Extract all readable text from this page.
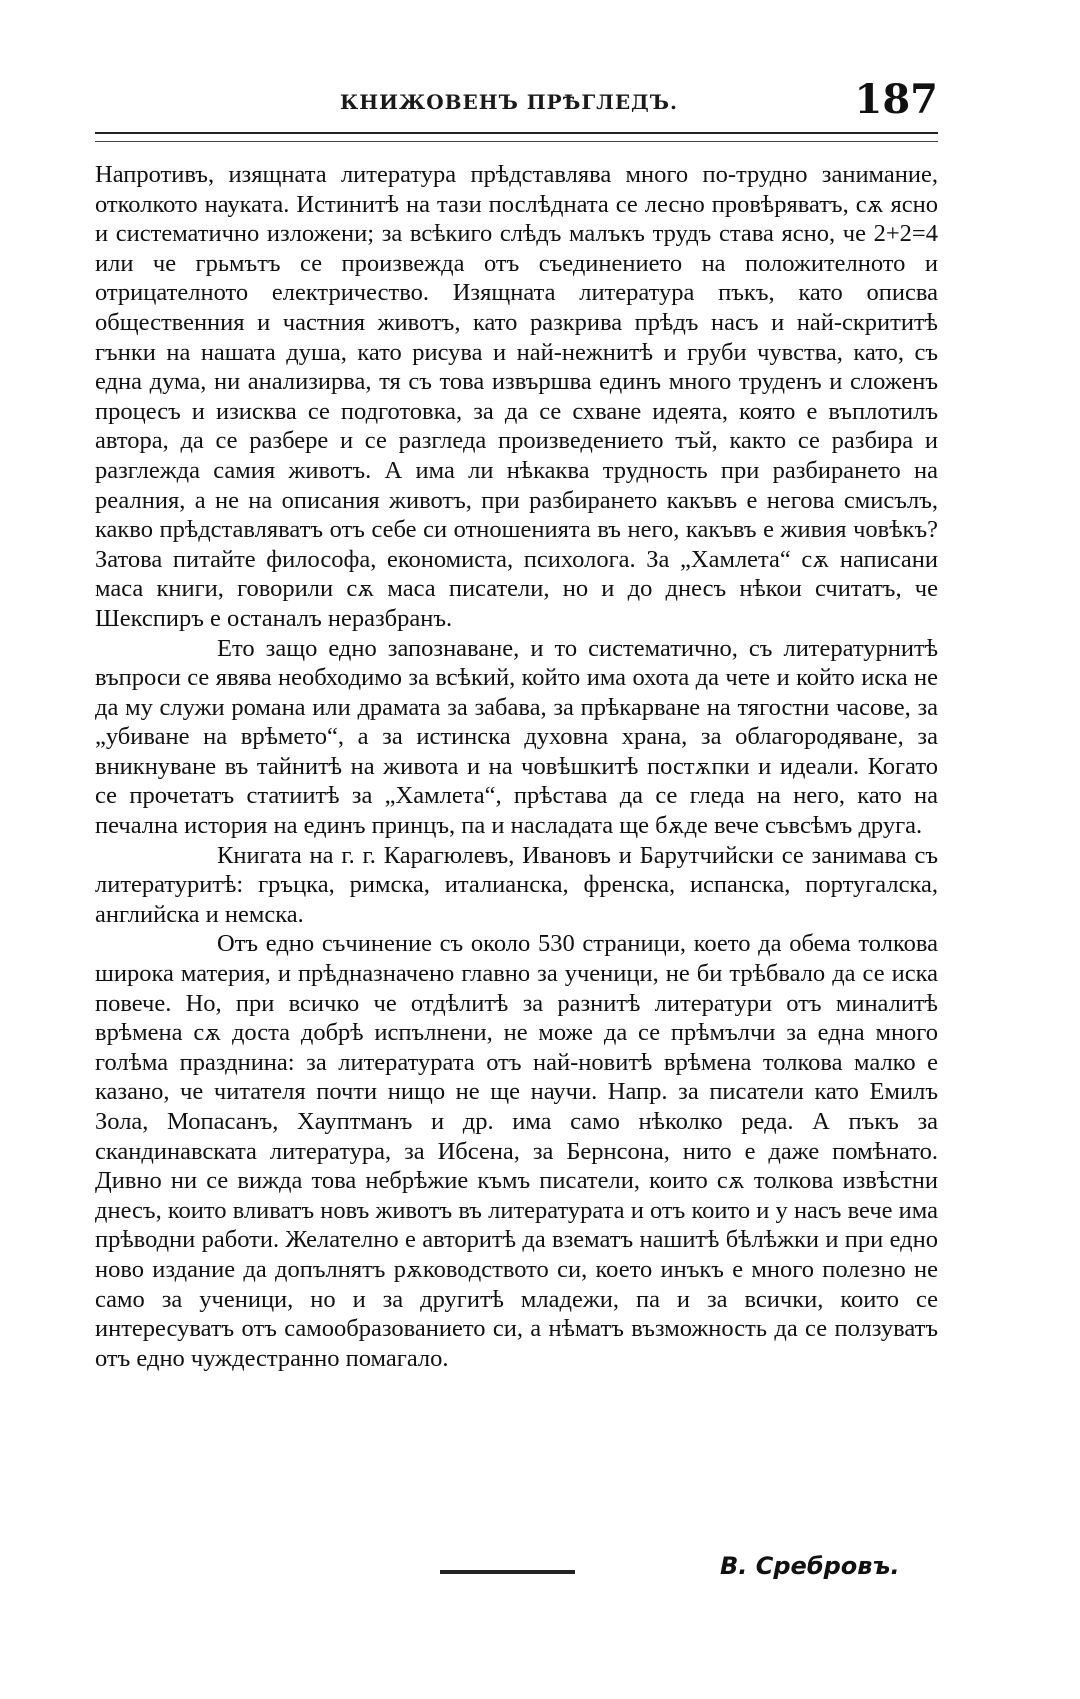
КНИЖОВЕНЪ ПРѢГЛЕДЪ.	187

Напротивъ, изящната литература прѣдставлява много по-трудно занимание, отколкото науката. Истинитѣ на тази послѣдната се лесно провѣряватъ, сѫ ясно и систематично изложени; за всѣкиго слѣдъ малъкъ трудъ става ясно, че 2+2=4 или че грьмътъ се произвежда отъ съединението на положителното и отрицателното електричество. Изящната литература пъкъ, като описва общественния и частния животъ, като разкрива прѣдъ насъ и най-скрититѣ гънки на нашата душа, като рисува и най-нежнитѣ и груби чувства, като, съ една дума, ни анализирва, тя съ това извършва единъ много труденъ и сложенъ процесъ и изисква се подготовка, за да се схване идеята, която е въплотилъ автора, да се разбере и се разгледа произведението тъй, както се разбира и разглежда самия животъ. А има ли нѣкаква трудность при разбирането на реалния, а не на описания животъ, при разбирането какъвъ е негова смисълъ, какво прѣдставляватъ отъ себе си отношенията въ него, какъвъ е живия човѣкъ? Затова питайте философа, економиста, психолога. За „Хамлета“ сѫ написани маса книги, говорили сѫ маса писатели, но и до днесъ нѣкои считатъ, че Шекспиръ е останалъ неразбранъ.

Ето защо едно запознаване, и то систематично, съ литературнитѣ въпроси се явява необходимо за всѣкий, който има охота да чете и който иска не да му служи романа или драмата за забава, за прѣкарване на тягостни часове, за „убиване на врѣмето“, а за истинска духовна храна, за облагородяване, за вникнуване въ тайнитѣ на живота и на човѣшкитѣ постѫпки и идеали. Когато се прочетатъ статиитѣ за „Хамлета“, прѣстава да се гледа на него, като на печална история на единъ принцъ, па и насладата ще бѫде вече съвсѣмъ друга.

Книгата на г. г. Карагюлевъ, Ивановъ и Барутчийски се занимава съ литературитѣ: гръцка, римска, италианска, френска, испанска, португалска, английска и немска.

Отъ едно съчинение съ около 530 страници, което да обема толкова широка материя, и прѣдназначено главно за ученици, не би трѣбвало да се иска повече. Но, при всичко че отдѣлитѣ за разнитѣ литератури отъ миналитѣ врѣмена сѫ доста добрѣ испълнени, не може да се прѣмълчи за една много голѣма празднина: за литературата отъ най-новитѣ врѣмена толкова малко е казано, че читателя почти нищо не ще научи. Напр. за писатели като Емилъ Зола, Мопасанъ, Хауптманъ и др. има само нѣколко реда. А пъкъ за скандинавската литература, за Ибсена, за Бернсона, нито е даже помѣнато. Дивно ни се вижда това небрѣжие къмъ писатели, които сѫ толкова извѣстни днесъ, които вливатъ новъ животъ въ литературата и отъ които и у насъ вече има прѣводни работи. Желателно е авторитѣ да взематъ нашитѣ бѣлѣжки и при едно ново издание да допълнятъ рѫководството си, което инъкъ е много полезно не само за ученици, но и за другитѣ младежи, па и за всички, които се интересуватъ отъ самообразованието си, а нѣматъ възможность да се ползуватъ отъ едно чуждестранно помагало.

В. Сребровъ.
